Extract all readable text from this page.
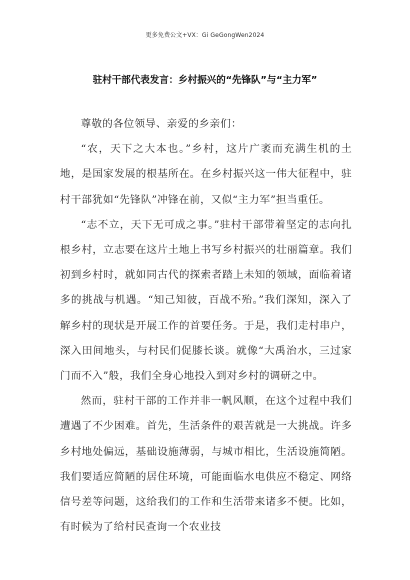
更多免费公文+VX：Gi GeGongWen2024
驻村干部代表发言：乡村振兴的“先锋队”与“主力军”

尊敬的各位领导、亲爱的乡亲们：

“农，天下之大本也。”乡村，这片广袤而充满生机的土地，是国家发展的根基所在。在乡村振兴这一伟大征程中，驻村干部犹如“先锋队”冲锋在前，又似“主力军”担当重任。

“志不立，天下无可成之事。”驻村干部带着坚定的志向扎根乡村，立志要在这片土地上书写乡村振兴的壮丽篇章。我们初到乡村时，就如同古代的探索者踏上未知的领域，面临着诸多的挑战与机遇。“知己知彼，百战不殆。”我们深知，深入了解乡村的现状是开展工作的首要任务。于是，我们走村串户，深入田间地头，与村民们促膝长谈。就像“大禹治水，三过家门而不入”般，我们全身心地投入到对乡村的调研之中。

然而，驻村干部的工作并非一帆风顺，在这个过程中我们遭遇了不少困难。首先，生活条件的艰苦就是一大挑战。许多乡村地处偏远，基础设施薄弱，与城市相比，生活设施简陋。我们要适应简陋的居住环境，可能面临水电供应不稳定、网络信号差等问题，这给我们的工作和生活带来诸多不便。比如，有时候为了给村民查询一个农业技
